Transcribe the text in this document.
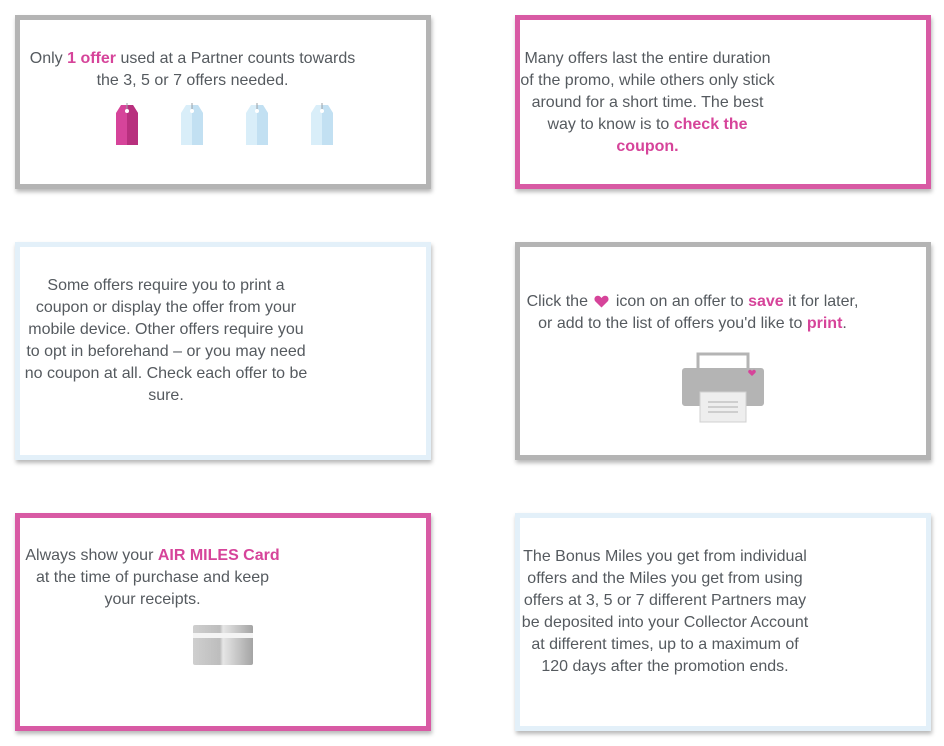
Only 1 offer used at a Partner counts towards the 3, 5 or 7 offers needed.

Many offers last the entire duration of the promo, while others only stick around for a short time. The best way to know is to check the coupon.

Some offers require you to print a coupon or display the offer from your mobile device. Other offers require you to opt in beforehand – or you may need no coupon at all. Check each offer to be sure.

Click the  icon on an offer to save it for later, or add to the list of offers you'd like to print.

Always show your AIR MILES Card at the time of purchase and keep your receipts.

The Bonus Miles you get from individual offers and the Miles you get from using offers at 3, 5 or 7 different Partners may be deposited into your Collector Account at different times, up to a maximum of 120 days after the promotion ends.
